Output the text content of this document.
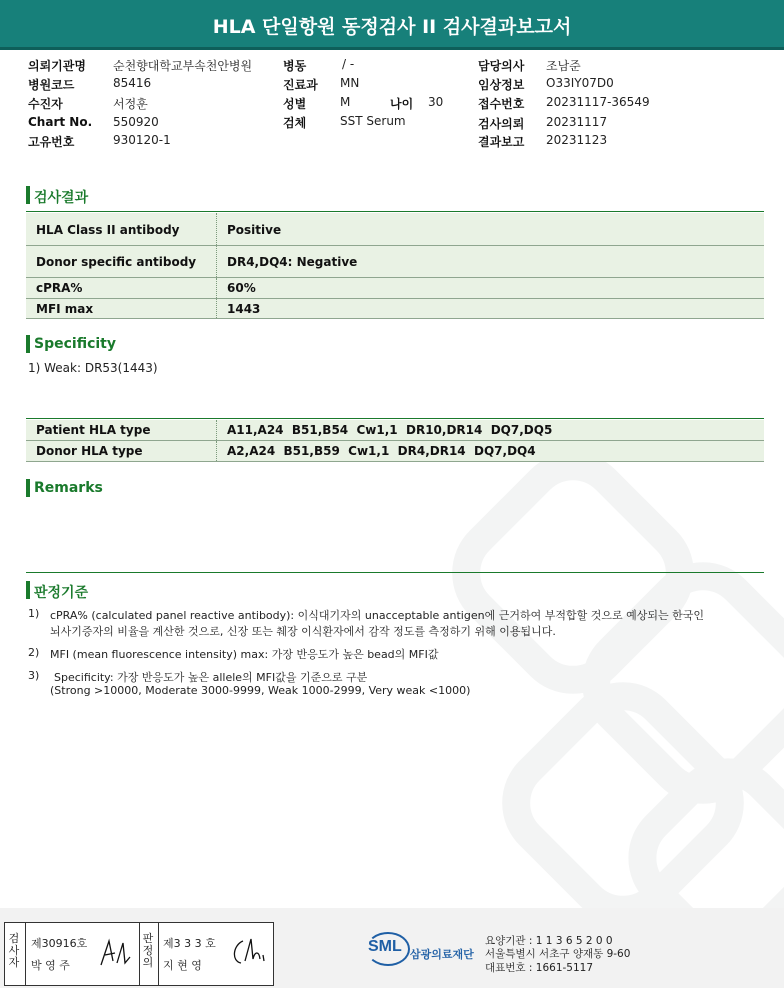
HLA 단일항원 동정검사 II 검사결과보고서
의뢰기관명 순천향대학교부속천안병원
병원코드	85416
수진자	서정훈
Chart No. 550920
고유번호	930120-1
병동	/ -
진료과 MN
성별	M	나이 30
검체	SST Serum
담당의사 조남준
임상정보 O33IY07D0
접수번호 20231117-36549
검사의뢰 20231117
결과보고 20231123
검사결과
HLA Class II antibody	Positive
Donor specific antibody	DR4,DQ4: Negative
cPRA%	60%
MFI max	1443
Specificity
1) Weak: DR53(1443)
Patient HLA type	A11,A24  B51,B54  Cw1,1  DR10,DR14  DQ7,DQ5
Donor HLA type	A2,A24  B51,B59  Cw1,1  DR4,DR14  DQ7,DQ4
Remarks
판정기준
1) cPRA% (calculated panel reactive antibody): 이식대기자의 unacceptable antigen에 근거하여 부적합할 것으로 예상되는 한국인
뇌사기증자의 비율을 계산한 것으로, 신장 또는 췌장 이식환자에서 감작 정도를 측정하기 위해 이용됩니다.
2) MFI (mean fluorescence intensity) max: 가장 반응도가 높은 bead의 MFI값
3) Specificity: 가장 반응도가 높은 allele의 MFI값을 기준으로 구분
(Strong >10000, Moderate 3000-9999, Weak 1000-2999, Very weak <1000)
검
사
자
제30916호
박 영 주
판
정
의
제3 3 3 호
지 현 영
SML 삼광의료재단
요양기관 : 1 1 3 6 5 2 0 0
서울특별시 서초구 양재동 9-60
대표번호 : 1661-5117
